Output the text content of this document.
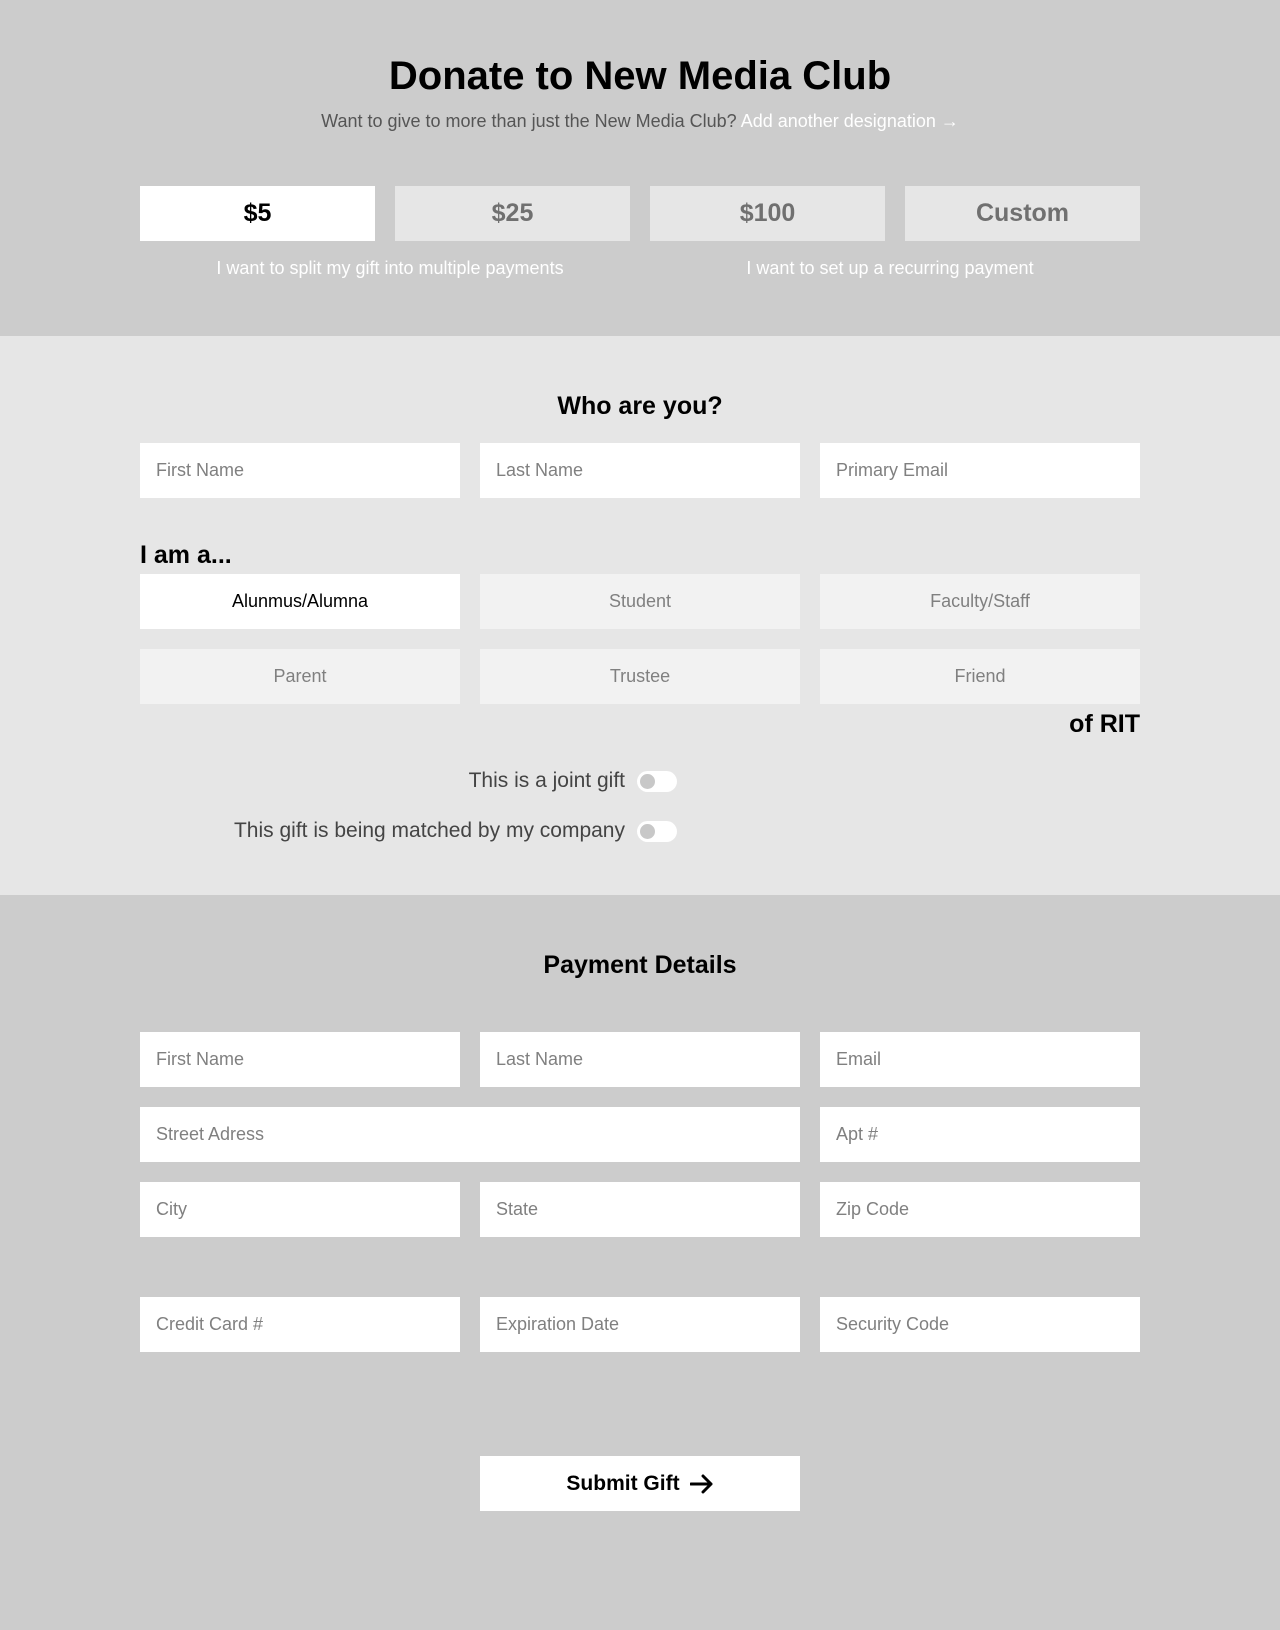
Donate to New Media Club

Want to give to more than just the New Media Club? Add another designation →

$5	$25	$100	Custom
I want to split my gift into multiple payments	I want to set up a recurring payment
Who are you?
First Name
Last Name
Primary Email
I am a...
Alunmus/Alumna	Student	Faculty/Staff
Parent	Trustee	Friend
of RIT
This is a joint gift
This gift is being matched by my company
Payment Details
First Name
Last Name
Email
Street Adress
Apt #
City
State
Zip Code
Credit Card #
Expiration Date
Security Code
Submit Gift
